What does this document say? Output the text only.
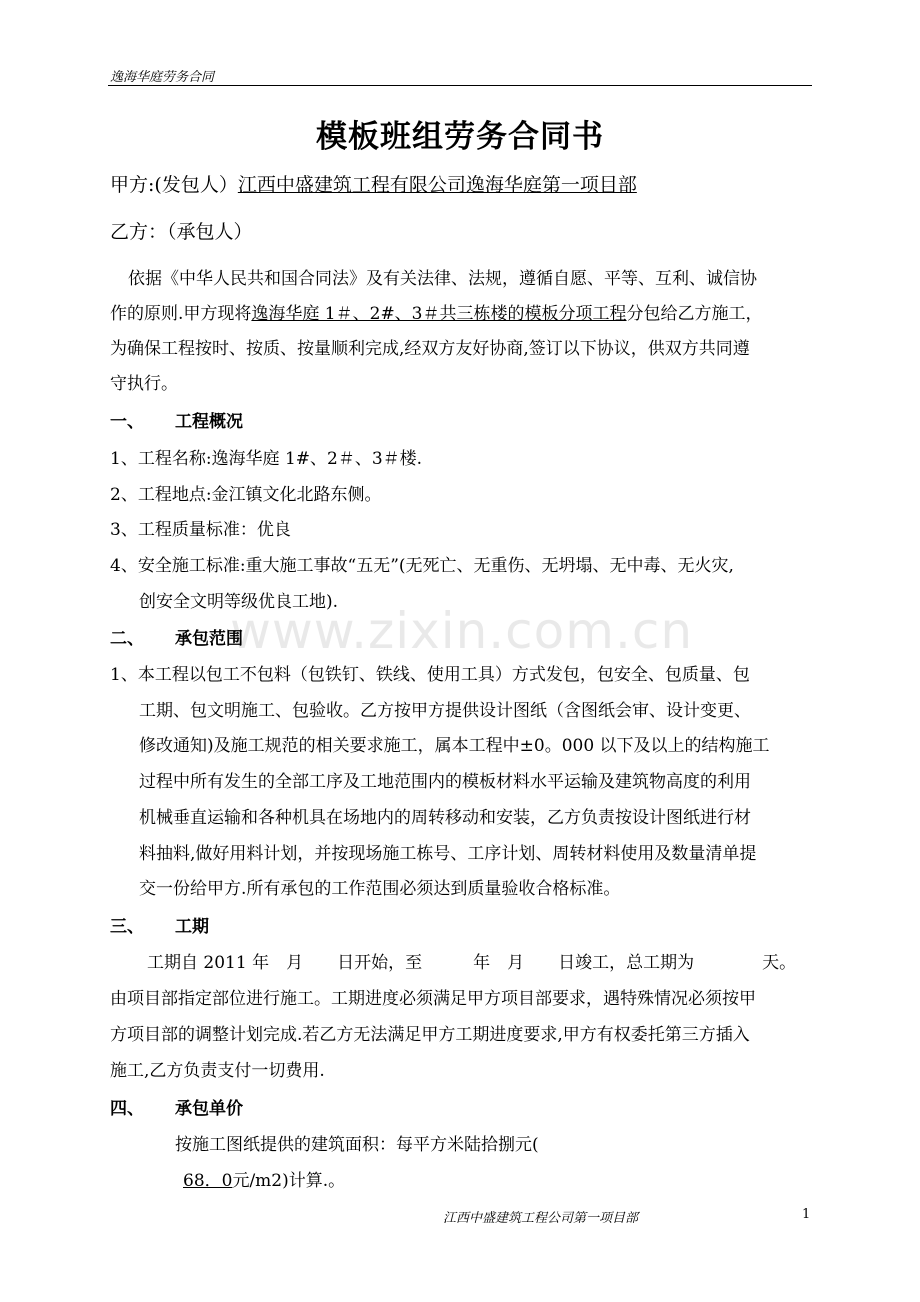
逸海华庭劳务合同
模板班组劳务合同书
甲方:(发包人）江西中盛建筑工程有限公司逸海华庭第一项目部
乙方：（承包人）
依据《中华人民共和国合同法》及有关法律、法规，遵循自愿、平等、互利、诚信协
作的原则.甲方现将逸海华庭 1＃、2#、3＃共三栋楼的模板分项工程分包给乙方施工，
为确保工程按时、按质、按量顺利完成,经双方友好协商,签订以下协议，供双方共同遵
守执行。
一、 工程概况
1、工程名称:逸海华庭 1#、2＃、3＃楼.
2、工程地点:金江镇文化北路东侧。
3、工程质量标准：优良
4、安全施工标准:重大施工事故“五无”(无死亡、无重伤、无坍塌、无中毒、无火灾,
创安全文明等级优良工地).
www.zixin.com.cn
二、 承包范围
1、本工程以包工不包料（包铁钉、铁线、使用工具）方式发包，包安全、包质量、包
工期、包文明施工、包验收。乙方按甲方提供设计图纸（含图纸会审、设计变更、
修改通知)及施工规范的相关要求施工，属本工程中±0。000 以下及以上的结构施工
过程中所有发生的全部工序及工地范围内的模板材料水平运输及建筑物高度的利用
机械垂直运输和各种机具在场地内的周转移动和安装，乙方负责按设计图纸进行材
料抽料,做好用料计划，并按现场施工栋号、工序计划、周转材料使用及数量清单提
交一份给甲方.所有承包的工作范围必须达到质量验收合格标准。
三、 工期
工期自 2011 年　月　　日开始，至　　　年　月　　日竣工，总工期为　　　　天。
由项目部指定部位进行施工。工期进度必须满足甲方项目部要求，遇特殊情况必须按甲
方项目部的调整计划完成.若乙方无法满足甲方工期进度要求,甲方有权委托第三方插入
施工,乙方负责支付一切费用.
四、 承包单价
按施工图纸提供的建筑面积：每平方米陆拾捌元(
68．0元/m2)计算.。
江西中盛建筑工程公司第一项目部	1
